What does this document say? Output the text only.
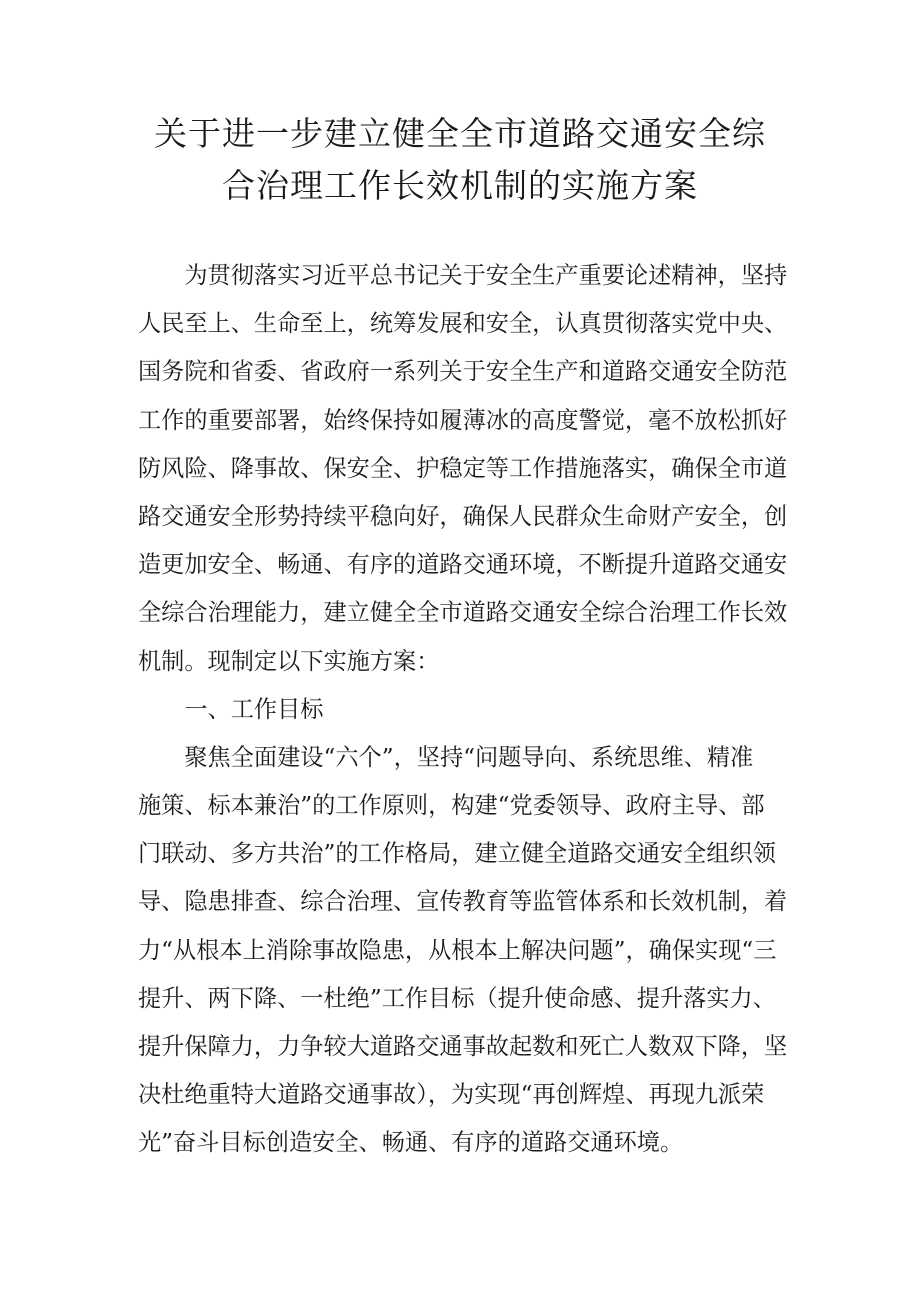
关于进一步建立健全全市道路交通安全综
合治理工作长效机制的实施方案
　　为贯彻落实习近平总书记关于安全生产重要论述精神，坚持
人民至上、生命至上，统筹发展和安全，认真贯彻落实党中央、
国务院和省委、省政府一系列关于安全生产和道路交通安全防范
工作的重要部署，始终保持如履薄冰的高度警觉，毫不放松抓好
防风险、降事故、保安全、护稳定等工作措施落实，确保全市道
路交通安全形势持续平稳向好，确保人民群众生命财产安全，创
造更加安全、畅通、有序的道路交通环境，不断提升道路交通安
全综合治理能力，建立健全全市道路交通安全综合治理工作长效
机制。现制定以下实施方案：
　　一、工作目标
　　聚焦全面建设“六个”，坚持“问题导向、系统思维、精准
施策、标本兼治”的工作原则，构建“党委领导、政府主导、部
门联动、多方共治”的工作格局，建立健全道路交通安全组织领
导、隐患排查、综合治理、宣传教育等监管体系和长效机制，着
力“从根本上消除事故隐患，从根本上解决问题”，确保实现“三
提升、两下降、一杜绝”工作目标（提升使命感、提升落实力、
提升保障力，力争较大道路交通事故起数和死亡人数双下降，坚
决杜绝重特大道路交通事故），为实现“再创辉煌、再现九派荣
光”奋斗目标创造安全、畅通、有序的道路交通环境。
